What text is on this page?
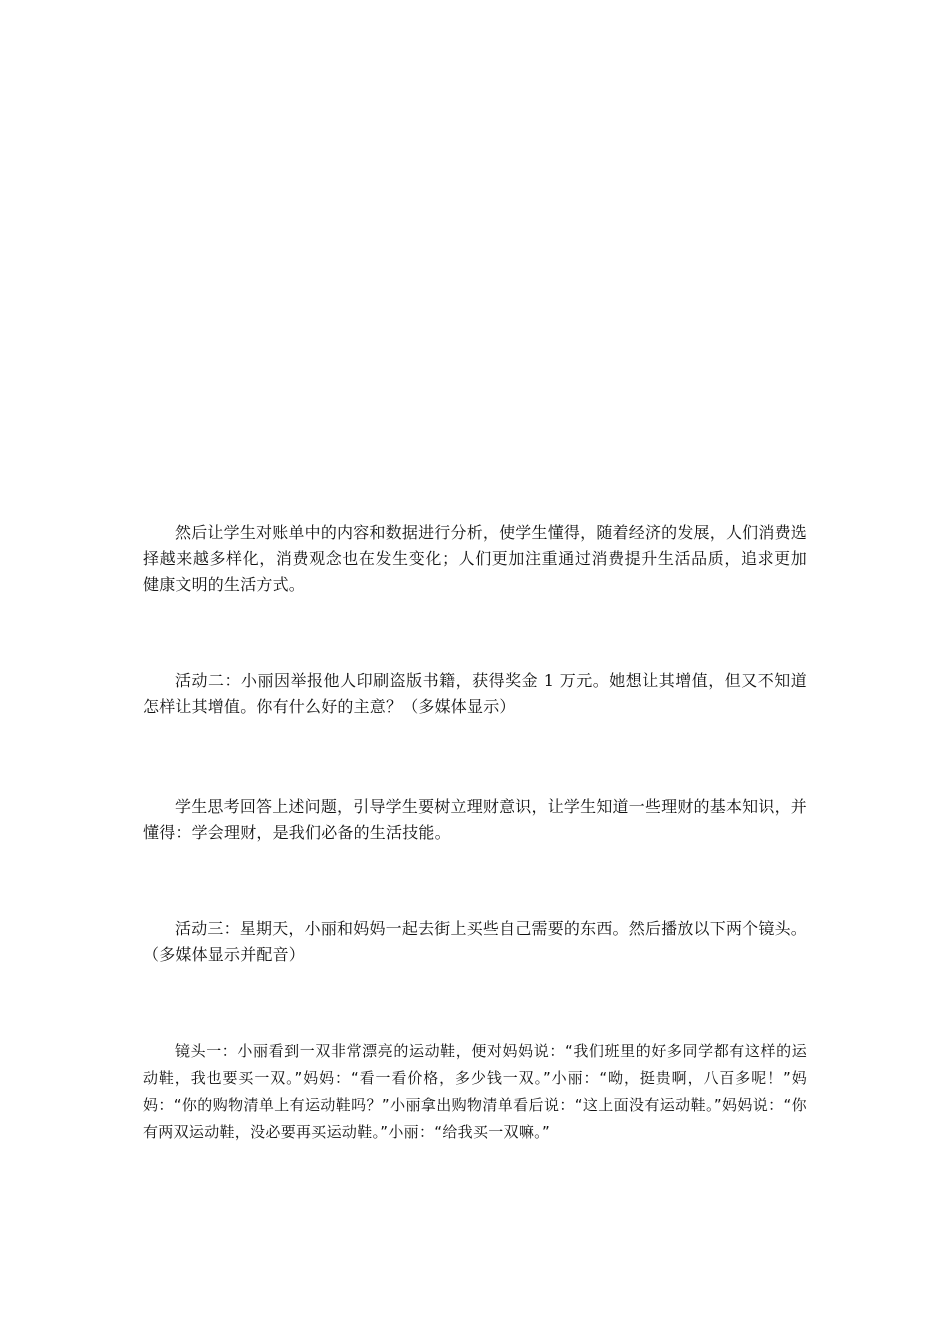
然后让学生对账单中的内容和数据进行分析，使学生懂得，随着经济的发展，人们消费选择越来越多样化，消费观念也在发生变化；人们更加注重通过消费提升生活品质，追求更加健康文明的生活方式。

活动二：小丽因举报他人印刷盗版书籍，获得奖金 1 万元。她想让其增值，但又不知道怎样让其增值。你有什么好的主意？（多媒体显示）

学生思考回答上述问题，引导学生要树立理财意识，让学生知道一些理财的基本知识，并懂得：学会理财，是我们必备的生活技能。

活动三：星期天，小丽和妈妈一起去街上买些自己需要的东西。然后播放以下两个镜头。（多媒体显示并配音）

镜头一：小丽看到一双非常漂亮的运动鞋，便对妈妈说：“我们班里的好多同学都有这样的运动鞋，我也要买一双。”妈妈：“看一看价格，多少钱一双。”小丽：“呦，挺贵啊，八百多呢！”妈妈：“你的购物清单上有运动鞋吗？”小丽拿出购物清单看后说：“这上面没有运动鞋。”妈妈说：“你有两双运动鞋，没必要再买运动鞋。”小丽：“给我买一双嘛。”
